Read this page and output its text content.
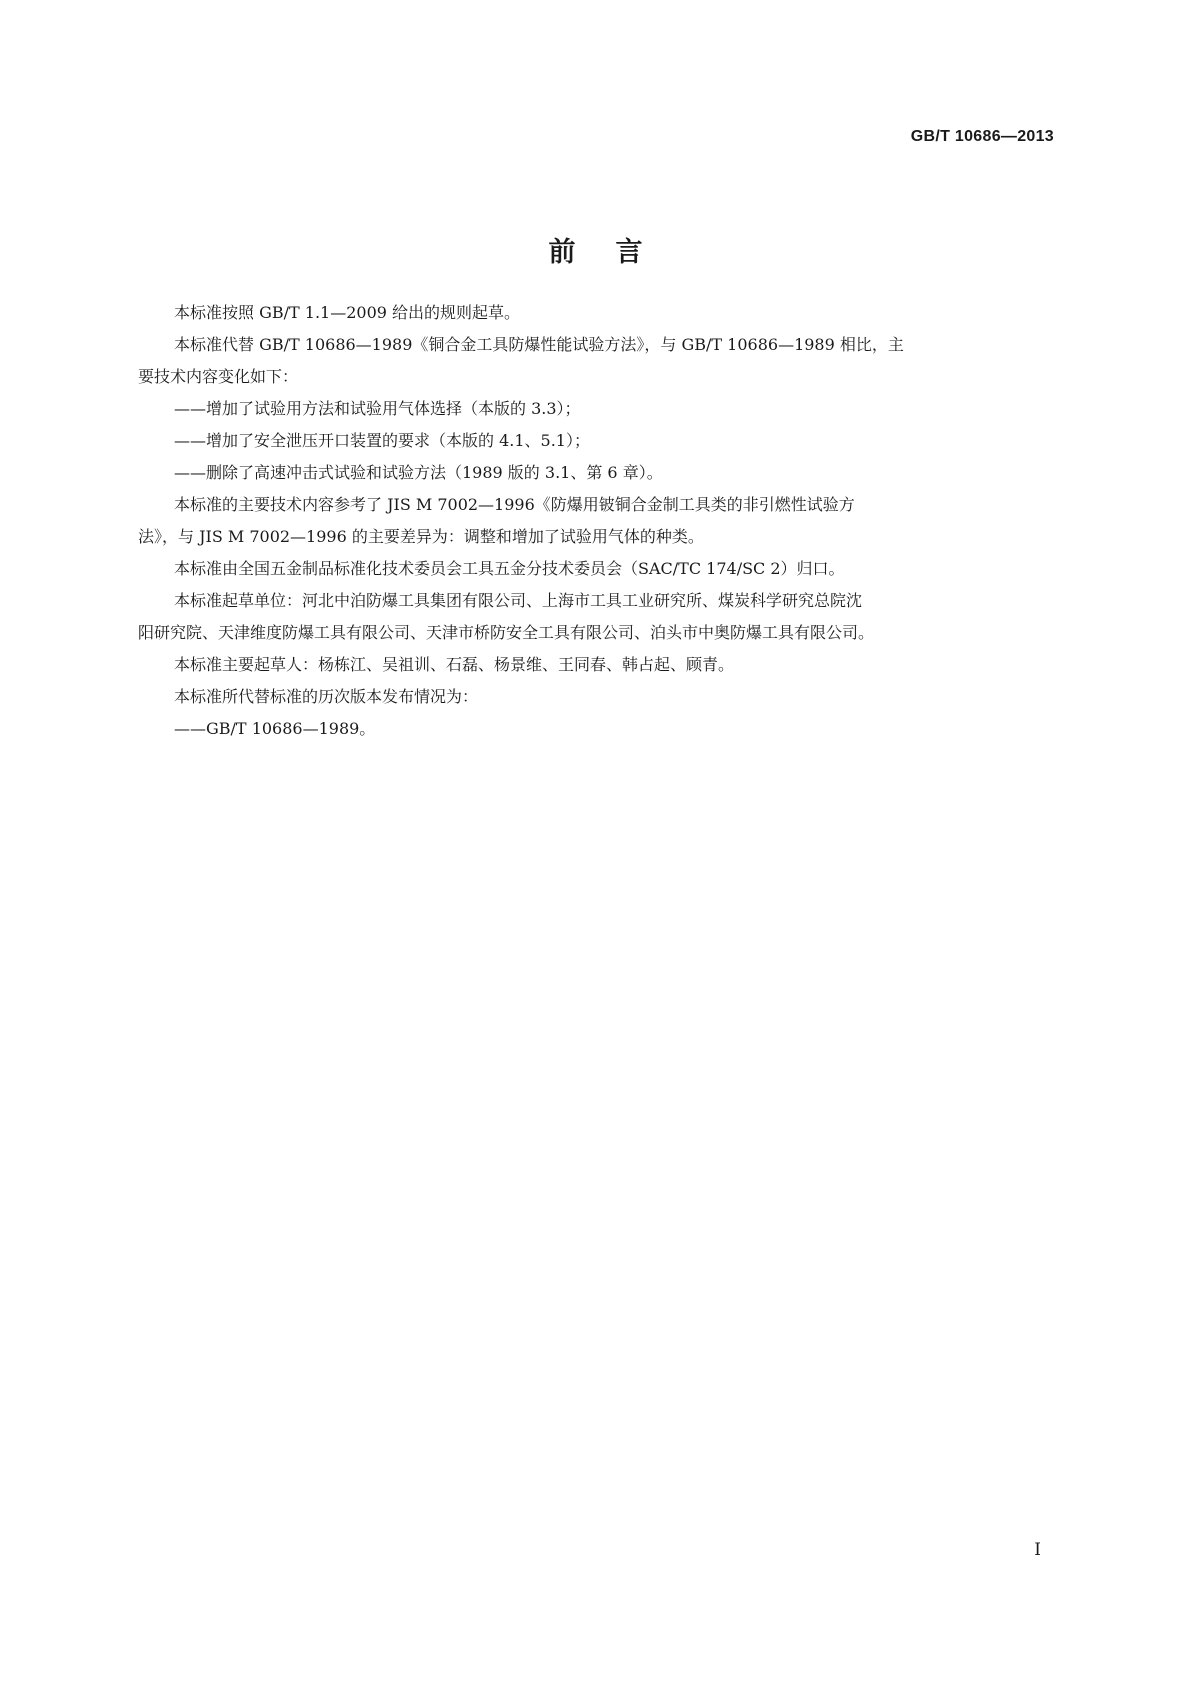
GB/T 10686—2013
前言
本标准按照 GB/T 1.1—2009 给出的规则起草。
本标准代替 GB/T 10686—1989《铜合金工具防爆性能试验方法》，与 GB/T 10686—1989 相比，主
要技术内容变化如下：
——增加了试验用方法和试验用气体选择（本版的 3.3）；
——增加了安全泄压开口装置的要求（本版的 4.1、5.1）；
——删除了高速冲击式试验和试验方法（1989 版的 3.1、第 6 章）。
本标准的主要技术内容参考了 JIS M 7002—1996《防爆用铍铜合金制工具类的非引燃性试验方
法》，与 JIS M 7002—1996 的主要差异为：调整和增加了试验用气体的种类。
本标准由全国五金制品标准化技术委员会工具五金分技术委员会（SAC/TC 174/SC 2）归口。
本标准起草单位：河北中泊防爆工具集团有限公司、上海市工具工业研究所、煤炭科学研究总院沈
阳研究院、天津维度防爆工具有限公司、天津市桥防安全工具有限公司、泊头市中奥防爆工具有限公司。
本标准主要起草人：杨栋江、吴祖训、石磊、杨景维、王同春、韩占起、顾青。
本标准所代替标准的历次版本发布情况为：
——GB/T 10686—1989。
I
